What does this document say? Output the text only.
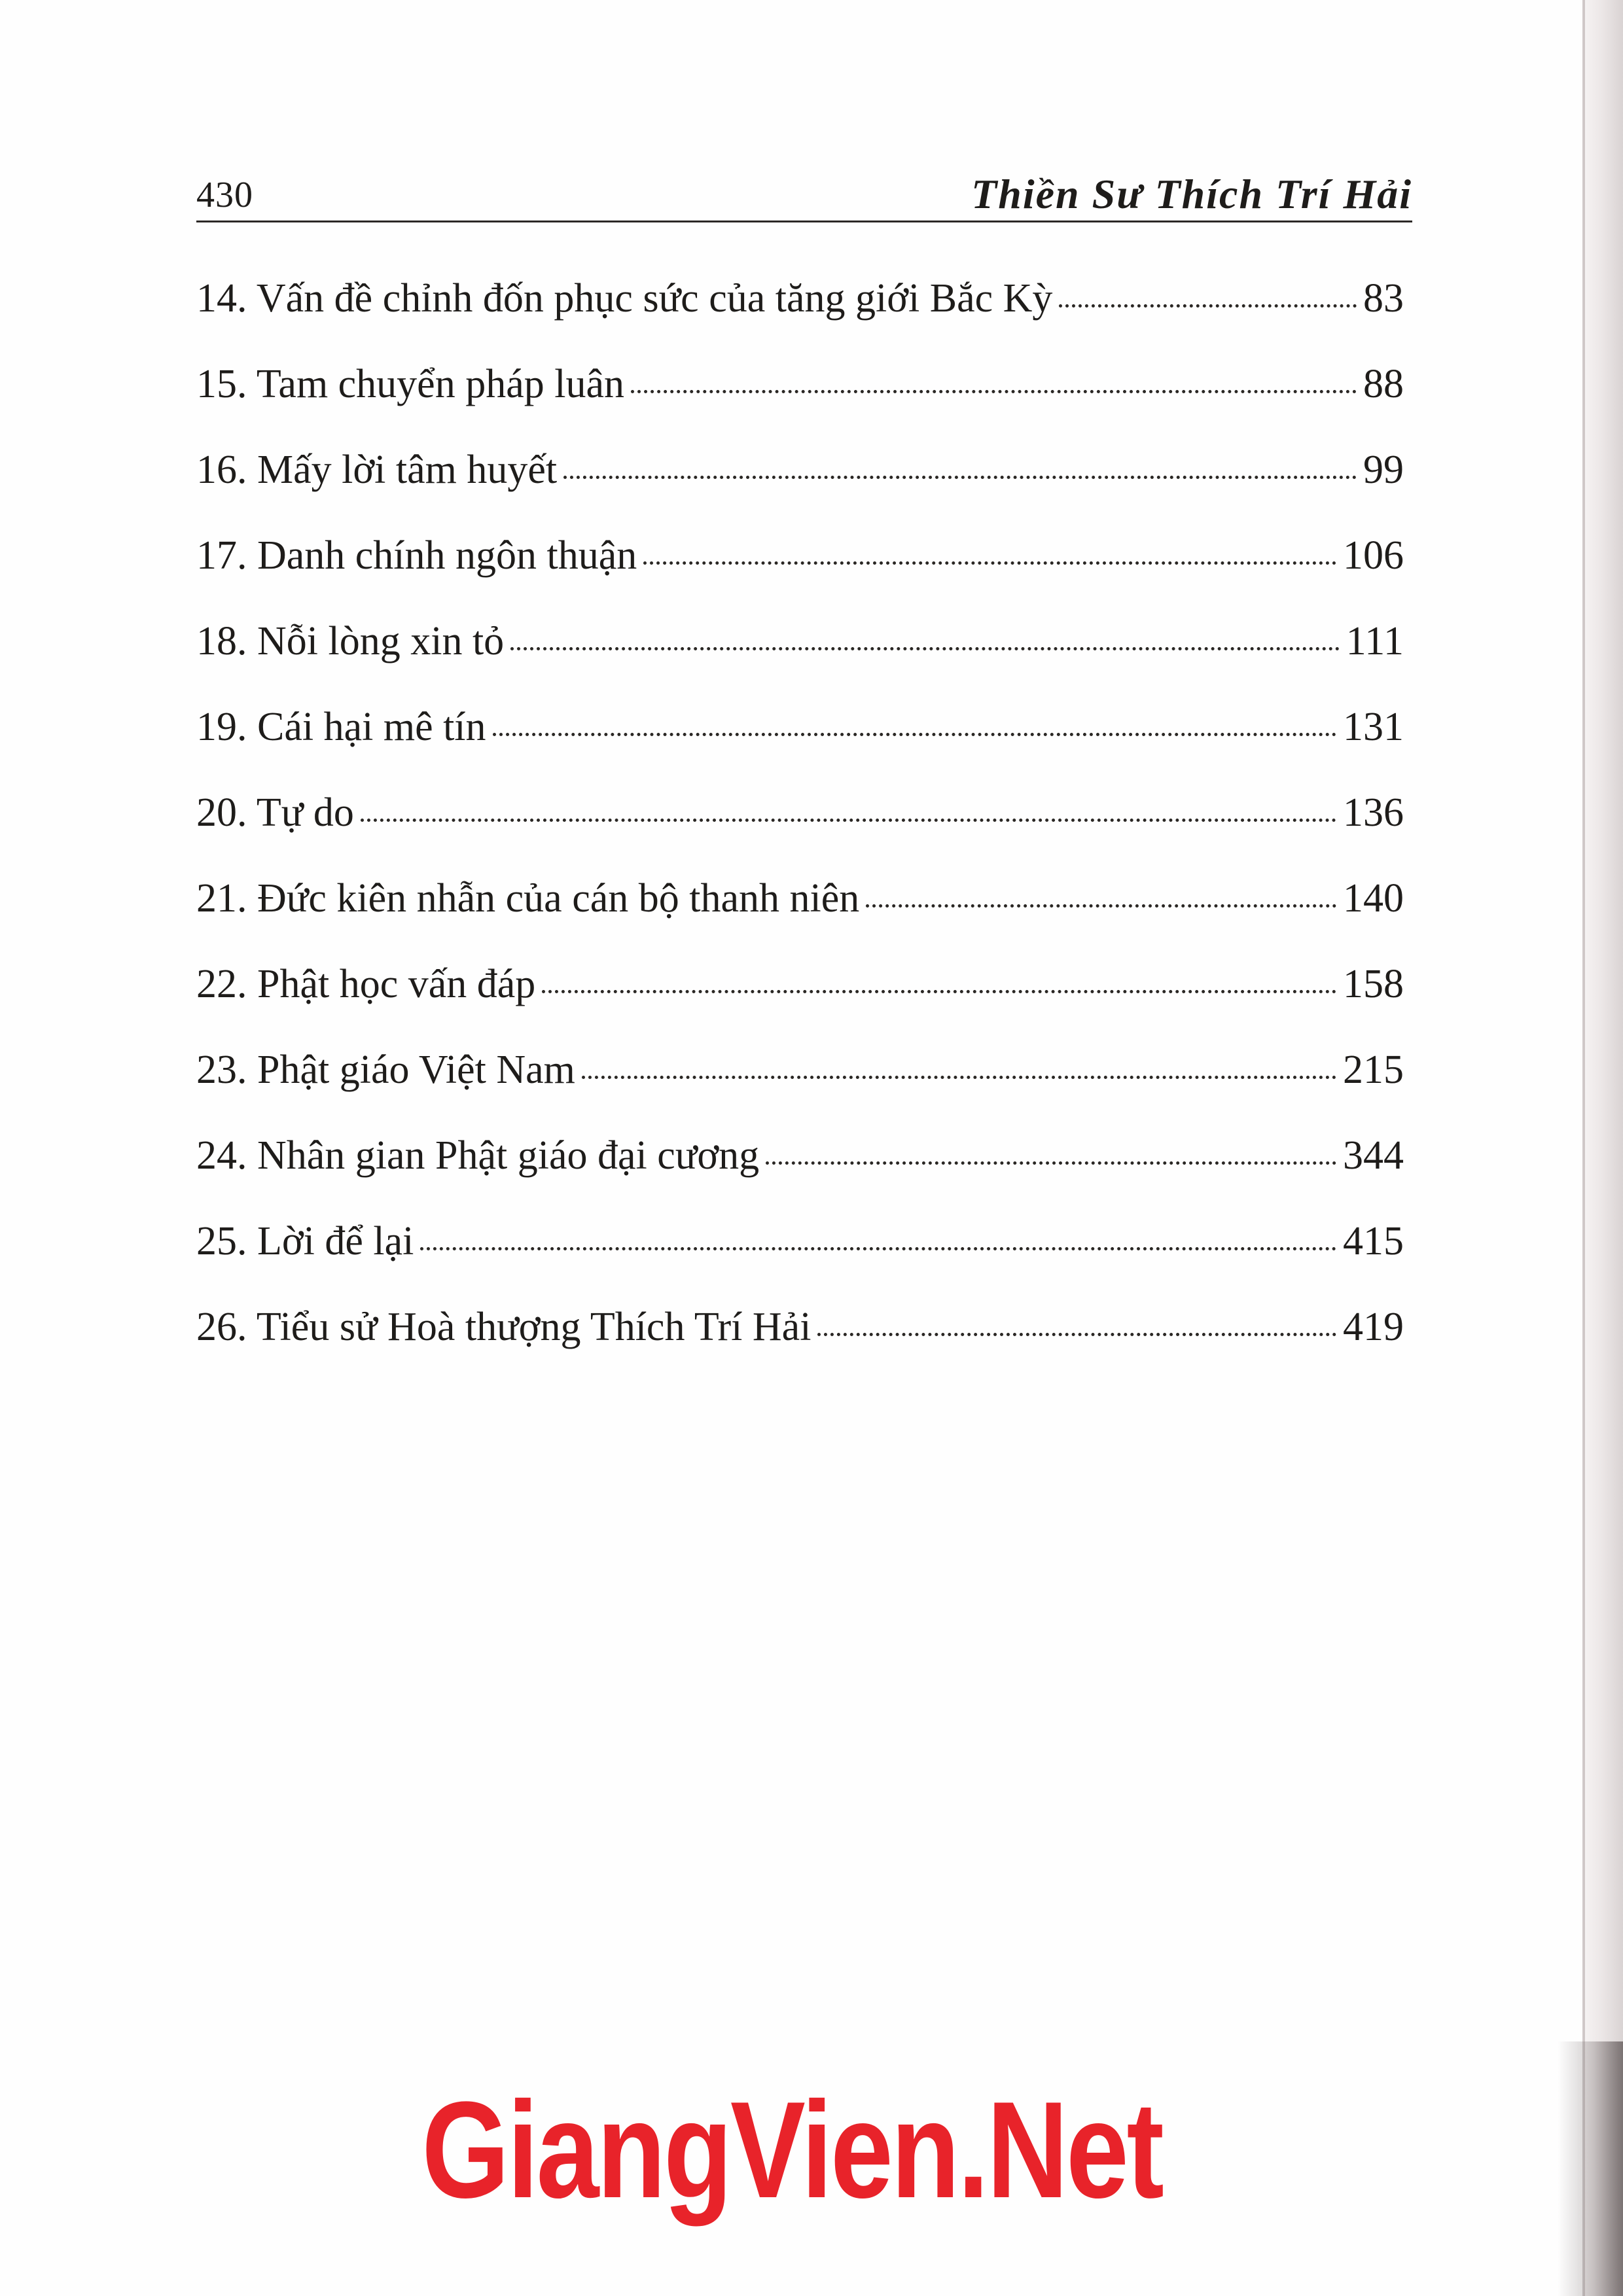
430	Thiền Sư Thích Trí Hải
14. Vấn đề chỉnh đốn phục sức của tăng giới Bắc Kỳ	83
15. Tam chuyển pháp luân	88
16. Mấy lời tâm huyết	99
17. Danh chính ngôn thuận	106
18. Nỗi lòng xin tỏ	111
19. Cái hại mê tín	131
20. Tự do	136
21. Đức kiên nhẫn của cán bộ thanh niên	140
22. Phật học vấn đáp	158
23. Phật giáo Việt Nam	215
24. Nhân gian Phật giáo đại cương	344
25. Lời để lại	415
26. Tiểu sử Hoà thượng Thích Trí Hải	419
GiangVien.Net
